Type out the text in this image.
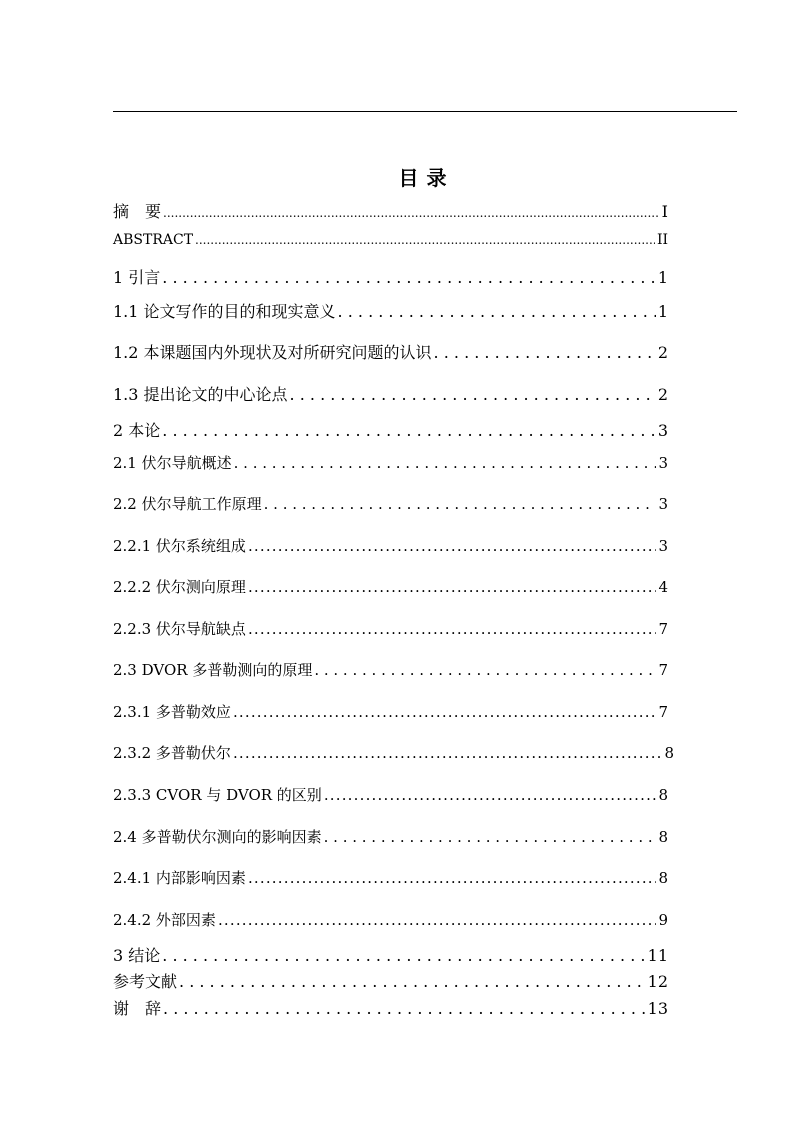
目录
摘　要 .....	I
ABSTRACT .....	II
1 引言 . . .	1
1.1 论文写作的目的和现实意义 . . .	1
1.2 本课题国内外现状及对所研究问题的认识 . . .	2
1.3 提出论文的中心论点 . . .	2
2 本论 . . .	3
2.1 伏尔导航概述 . . .	3
2.2 伏尔导航工作原理 . . .	3
2.2.1 伏尔系统组成 .....	3
2.2.2 伏尔测向原理 .....	4
2.2.3 伏尔导航缺点 .....	7
2.3 DVOR 多普勒测向的原理 . . .	7
2.3.1 多普勒效应 .....	7
2.3.2 多普勒伏尔 .....	8
2.3.3 CVOR 与 DVOR 的区别 .....	8
2.4 多普勒伏尔测向的影响因素 . . .	8
2.4.1 内部影响因素 .....	8
2.4.2 外部因素 .....	9
3 结论 . . .	11
参考文献 . . .	12
谢　辞 . . .	13
